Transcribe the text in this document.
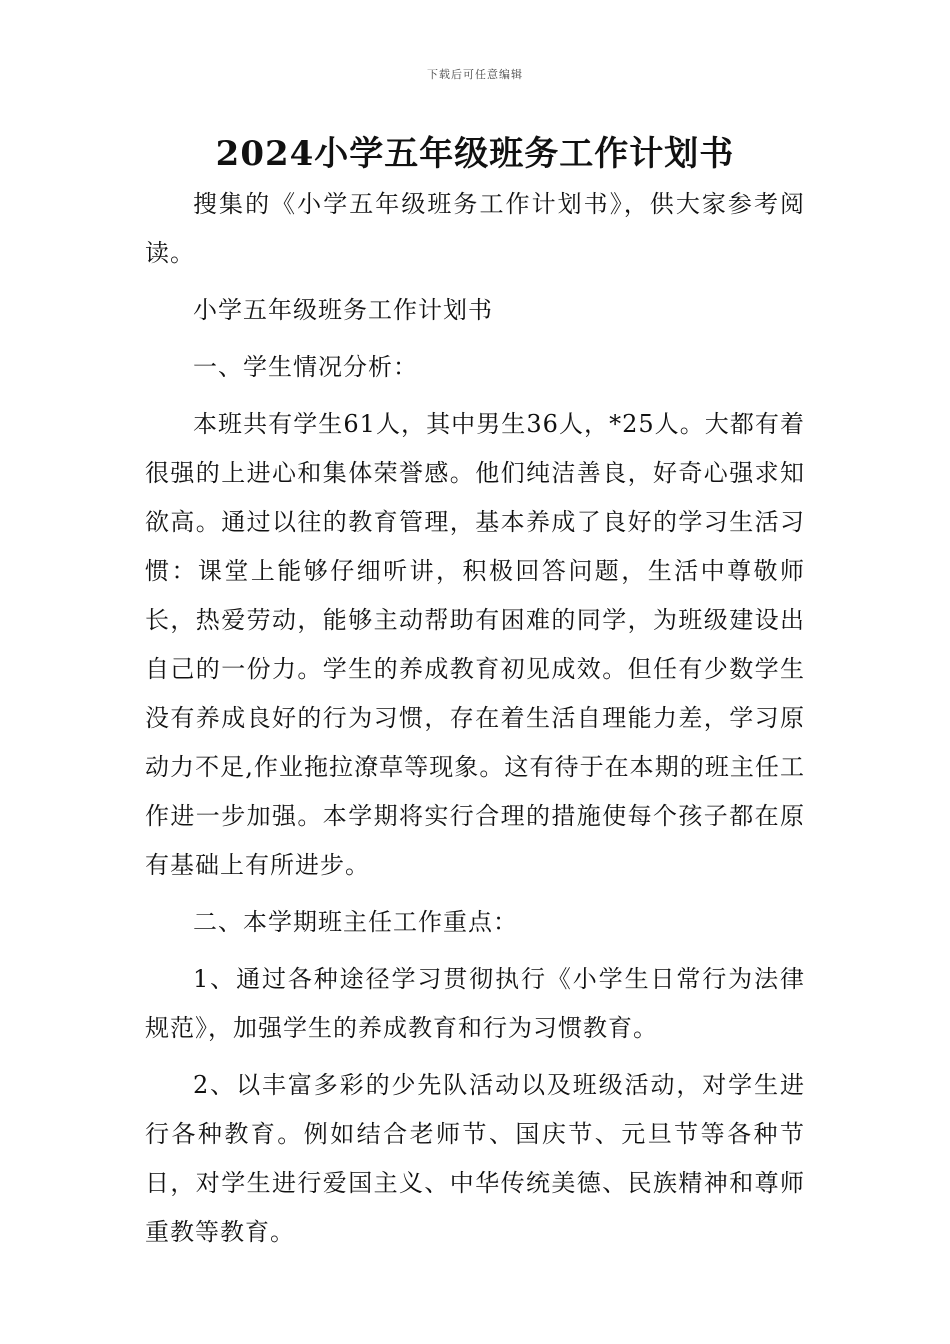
下载后可任意编辑
2024小学五年级班务工作计划书

搜集的《小学五年级班务工作计划书》，供大家参考阅读。

小学五年级班务工作计划书

一、学生情况分析：

本班共有学生61人，其中男生36人，*25人。大都有着很强的上进心和集体荣誉感。他们纯洁善良，好奇心强求知欲高。通过以往的教育管理，基本养成了良好的学习生活习惯：课堂上能够仔细听讲，积极回答问题，生活中尊敬师长，热爱劳动，能够主动帮助有困难的同学，为班级建设出自己的一份力。学生的养成教育初见成效。但任有少数学生没有养成良好的行为习惯，存在着生活自理能力差，学习原动力不足,作业拖拉潦草等现象。这有待于在本期的班主任工作进一步加强。本学期将实行合理的措施使每个孩子都在原有基础上有所进步。

二、本学期班主任工作重点：

1、通过各种途径学习贯彻执行《小学生日常行为法律规范》，加强学生的养成教育和行为习惯教育。

2、以丰富多彩的少先队活动以及班级活动，对学生进行各种教育。例如结合老师节、国庆节、元旦节等各种节日，对学生进行爱国主义、中华传统美德、民族精神和尊师重教等教育。
